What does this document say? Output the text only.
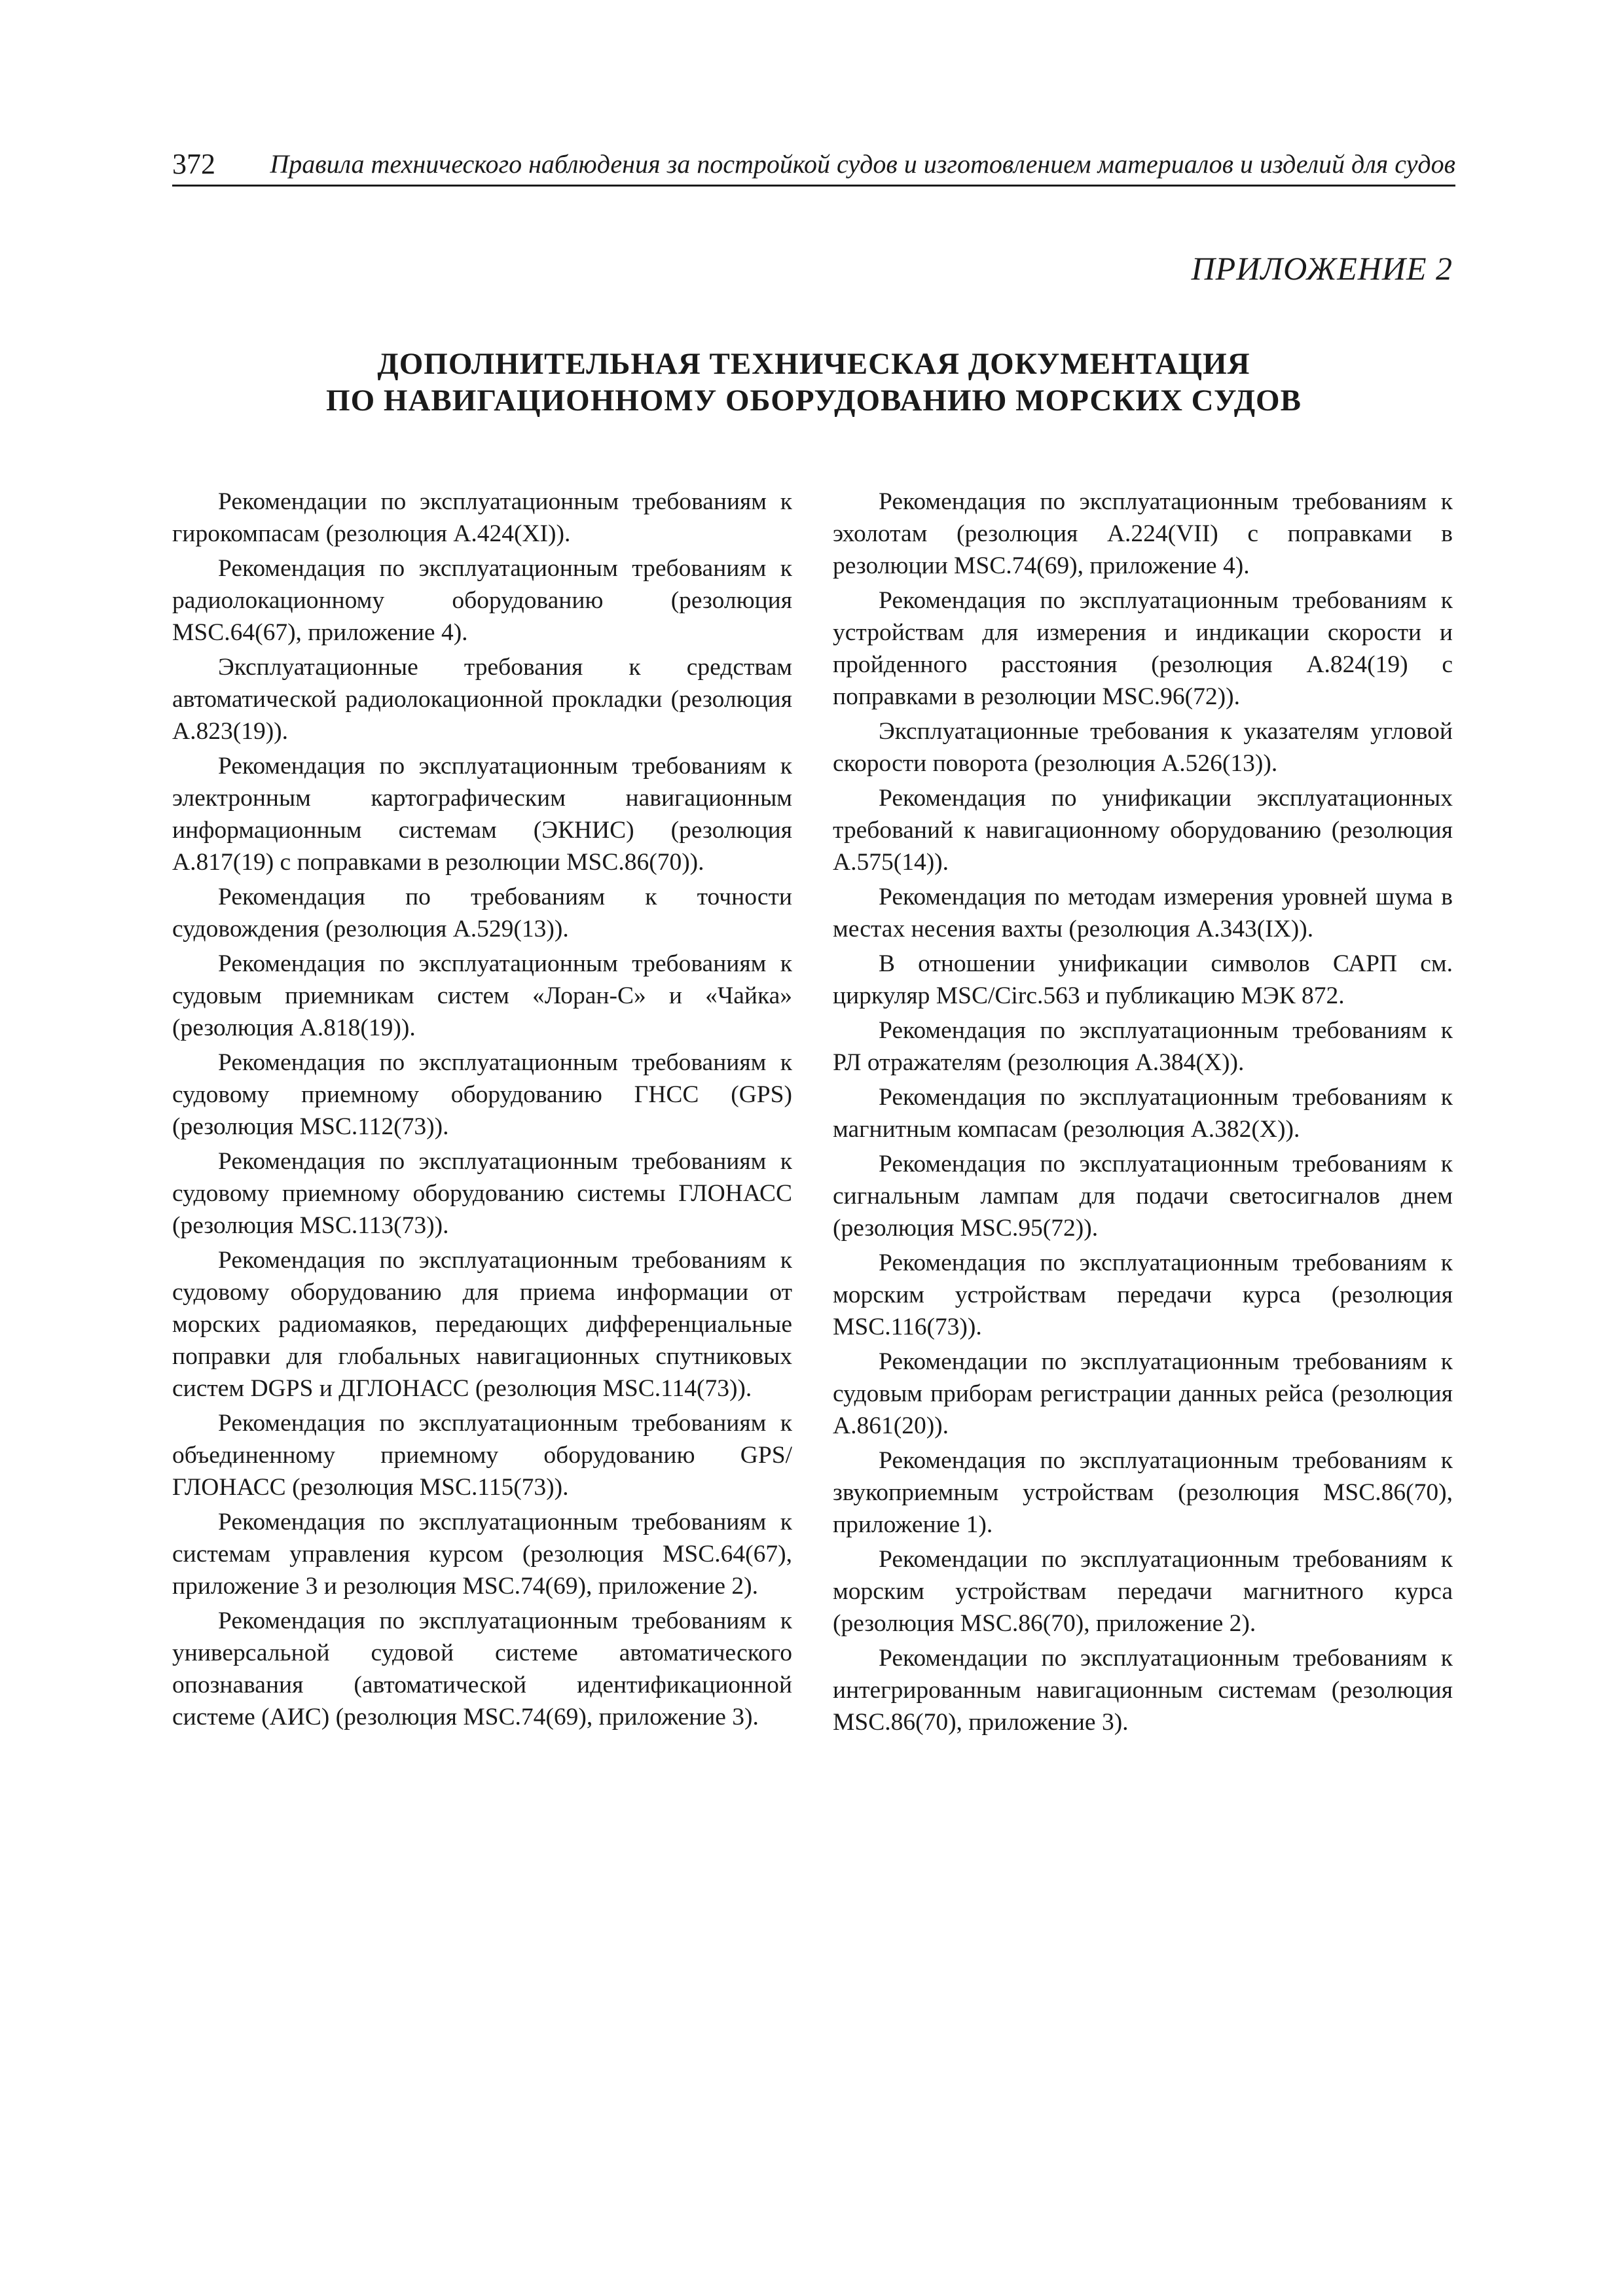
372 Правила технического наблюдения за постройкой судов и изготовлением материалов и изделий для судов
ПРИЛОЖЕНИЕ 2
ДОПОЛНИТЕЛЬНАЯ ТЕХНИЧЕСКАЯ ДОКУМЕНТАЦИЯ
ПО НАВИГАЦИОННОМУ ОБОРУДОВАНИЮ МОРСКИХ СУДОВ

Рекомендации по эксплуатационным требованиям к гирокомпасам (резолюция А.424(XI)).

Рекомендация по эксплуатационным требованиям к радиолокационному оборудованию (резолюция MSC.64(67), приложение 4).

Эксплуатационные требования к средствам автоматической радиолокационной прокладки (резолюция А.823(19)).

Рекомендация по эксплуатационным требованиям к электронным картографическим навигационным информационным системам (ЭКНИС) (резолюция А.817(19) с поправками в резолюции MSC.86(70)).

Рекомендация по требованиям к точности судовождения (резолюция А.529(13)).

Рекомендация по эксплуатационным требованиям к судовым приемникам систем «Лоран-С» и «Чайка» (резолюция А.818(19)).

Рекомендация по эксплуатационным требованиям к судовому приемному оборудованию ГНСС (GPS) (резолюция MSC.112(73)).

Рекомендация по эксплуатационным требованиям к судовому приемному оборудованию системы ГЛОНАСС (резолюция MSC.113(73)).

Рекомендация по эксплуатационным требованиям к судовому оборудованию для приема информации от морских радиомаяков, передающих дифференциальные поправки для глобальных навигационных спутниковых систем DGPS и ДГЛОНАСС (резолюция MSC.114(73)).

Рекомендация по эксплуатационным требованиям к объединенному приемному оборудованию GPS/ ГЛОНАСС (резолюция MSC.115(73)).

Рекомендация по эксплуатационным требованиям к системам управления курсом (резолюция MSC.64(67), приложение 3 и резолюция MSC.74(69), приложение 2).

Рекомендация по эксплуатационным требованиям к универсальной судовой системе автоматического опознавания (автоматической идентификационной системе (АИС) (резолюция MSC.74(69), приложение 3).

Рекомендация по эксплуатационным требованиям к эхолотам (резолюция А.224(VII) с поправками в резолюции MSC.74(69), приложение 4).

Рекомендация по эксплуатационным требованиям к устройствам для измерения и индикации скорости и пройденного расстояния (резолюция А.824(19) с поправками в резолюции MSC.96(72)).

Эксплуатационные требования к указателям угловой скорости поворота (резолюция А.526(13)).

Рекомендация по унификации эксплуатационных требований к навигационному оборудованию (резолюция А.575(14)).

Рекомендация по методам измерения уровней шума в местах несения вахты (резолюция А.343(IX)).

В отношении унификации символов САРП см. циркуляр MSC/Circ.563 и публикацию МЭК 872.

Рекомендация по эксплуатационным требованиям к РЛ отражателям (резолюция А.384(X)).

Рекомендация по эксплуатационным требованиям к магнитным компасам (резолюция А.382(X)).

Рекомендация по эксплуатационным требованиям к сигнальным лампам для подачи светосигналов днем (резолюция MSC.95(72)).

Рекомендация по эксплуатационным требованиям к морским устройствам передачи курса (резолюция MSC.116(73)).

Рекомендации по эксплуатационным требованиям к судовым приборам регистрации данных рейса (резолюция А.861(20)).

Рекомендация по эксплуатационным требованиям к звукоприемным устройствам (резолюция MSC.86(70), приложение 1).

Рекомендации по эксплуатационным требованиям к морским устройствам передачи магнитного курса (резолюция MSC.86(70), приложение 2).

Рекомендации по эксплуатационным требованиям к интегрированным навигационным системам (резолюция MSC.86(70), приложение 3).
